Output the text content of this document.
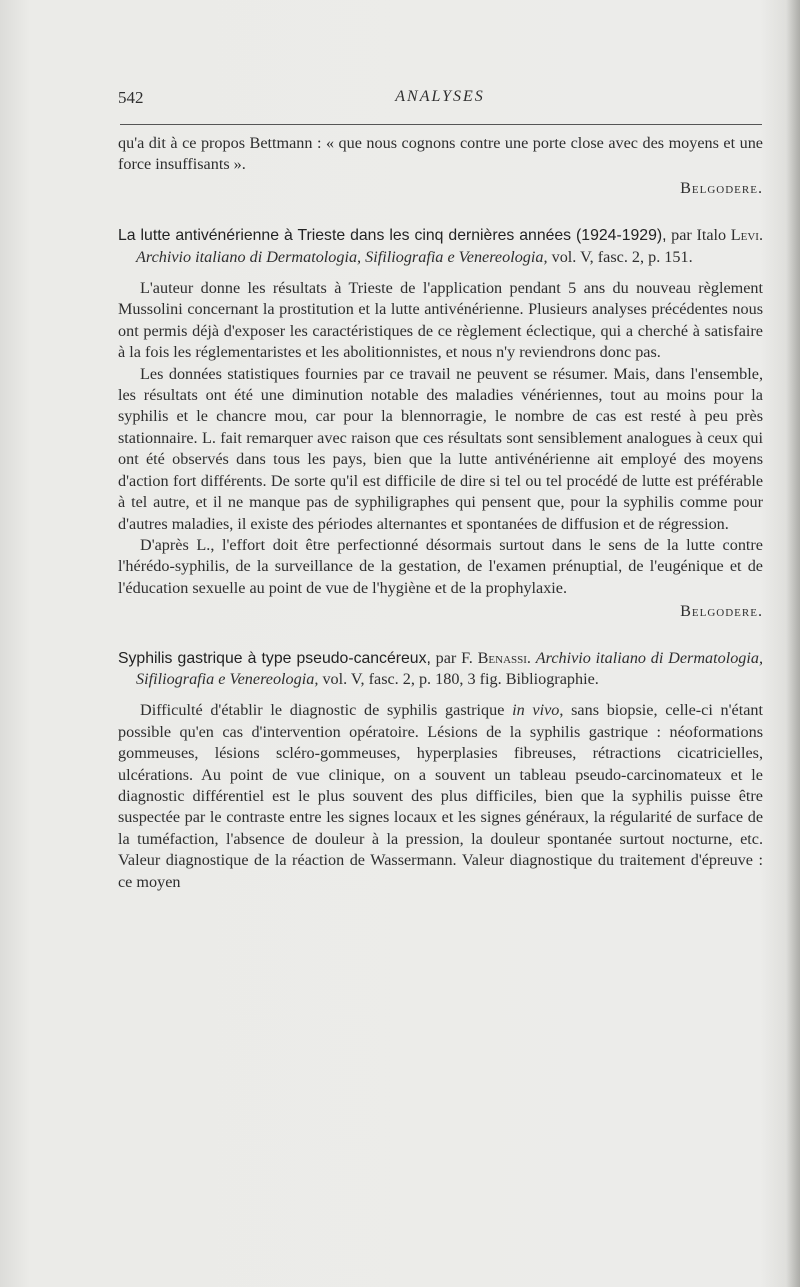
542	ANALYSES

qu'a dit à ce propos Bettmann : « que nous cognons contre une porte close avec des moyens et une force insuffisants ».

Belgodere.

La lutte antivénérienne à Trieste dans les cinq dernières années (1924-1929), par Italo Levi. Archivio italiano di Dermatologia, Sifiliografia e Venereologia, vol. V, fasc. 2, p. 151.

L'auteur donne les résultats à Trieste de l'application pendant 5 ans du nouveau règlement Mussolini concernant la prostitution et la lutte antivénérienne. Plusieurs analyses précédentes nous ont permis déjà d'exposer les caractéristiques de ce règlement éclectique, qui a cherché à satisfaire à la fois les réglementaristes et les abolitionnistes, et nous n'y reviendrons donc pas.

Les données statistiques fournies par ce travail ne peuvent se résumer. Mais, dans l'ensemble, les résultats ont été une diminution notable des maladies vénériennes, tout au moins pour la syphilis et le chancre mou, car pour la blennorragie, le nombre de cas est resté à peu près stationnaire. L. fait remarquer avec raison que ces résultats sont sensiblement analogues à ceux qui ont été observés dans tous les pays, bien que la lutte antivénérienne ait employé des moyens d'action fort différents. De sorte qu'il est difficile de dire si tel ou tel procédé de lutte est préférable à tel autre, et il ne manque pas de syphiligraphes qui pensent que, pour la syphilis comme pour d'autres maladies, il existe des périodes alternantes et spontanées de diffusion et de régression.

D'après L., l'effort doit être perfectionné désormais surtout dans le sens de la lutte contre l'hérédo-syphilis, de la surveillance de la gestation, de l'examen prénuptial, de l'eugénique et de l'éducation sexuelle au point de vue de l'hygiène et de la prophylaxie.

Belgodere.

Syphilis gastrique à type pseudo-cancéreux, par F. Benassi. Archivio italiano di Dermatologia, Sifiliografia e Venereologia, vol. V, fasc. 2, p. 180, 3 fig. Bibliographie.

Difficulté d'établir le diagnostic de syphilis gastrique in vivo, sans biopsie, celle-ci n'étant possible qu'en cas d'intervention opératoire. Lésions de la syphilis gastrique : néoformations gommeuses, lésions scléro-gommeuses, hyperplasies fibreuses, rétractions cicatricielles, ulcérations. Au point de vue clinique, on a souvent un tableau pseudo-carcinomateux et le diagnostic différentiel est le plus souvent des plus difficiles, bien que la syphilis puisse être suspectée par le contraste entre les signes locaux et les signes généraux, la régularité de surface de la tuméfaction, l'absence de douleur à la pression, la douleur spontanée surtout nocturne, etc. Valeur diagnostique de la réaction de Wassermann. Valeur diagnostique du traitement d'épreuve : ce moyen
